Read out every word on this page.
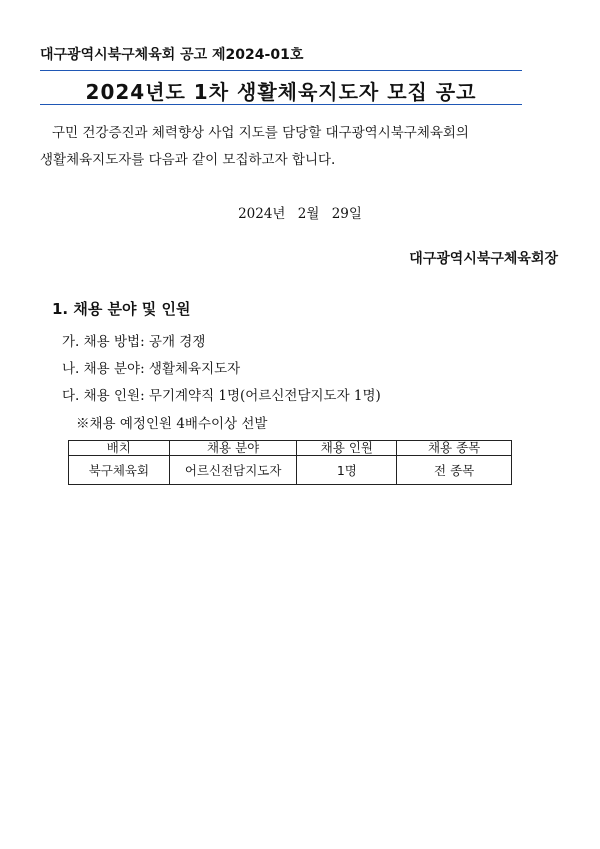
대구광역시북구체육회 공고 제2024-01호
2024년도 1차 생활체육지도자 모집 공고

구민 건강증진과 체력향상 사업 지도를 담당할 대구광역시북구체육회의

생활체육지도자를 다음과 같이 모집하고자 합니다.

2024년 2월 29일
대구광역시북구체육회장
1. 채용 분야 및 인원
가. 채용 방법: 공개 경쟁
나. 채용 분야: 생활체육지도자
다. 채용 인원: 무기계약직 1명(어르신전담지도자 1명)
※채용 예정인원 4배수이상 선발
배치	채용 분야	채용 인원	채용 종목
북구체육회	어르신전담지도자	1명	전 종목
